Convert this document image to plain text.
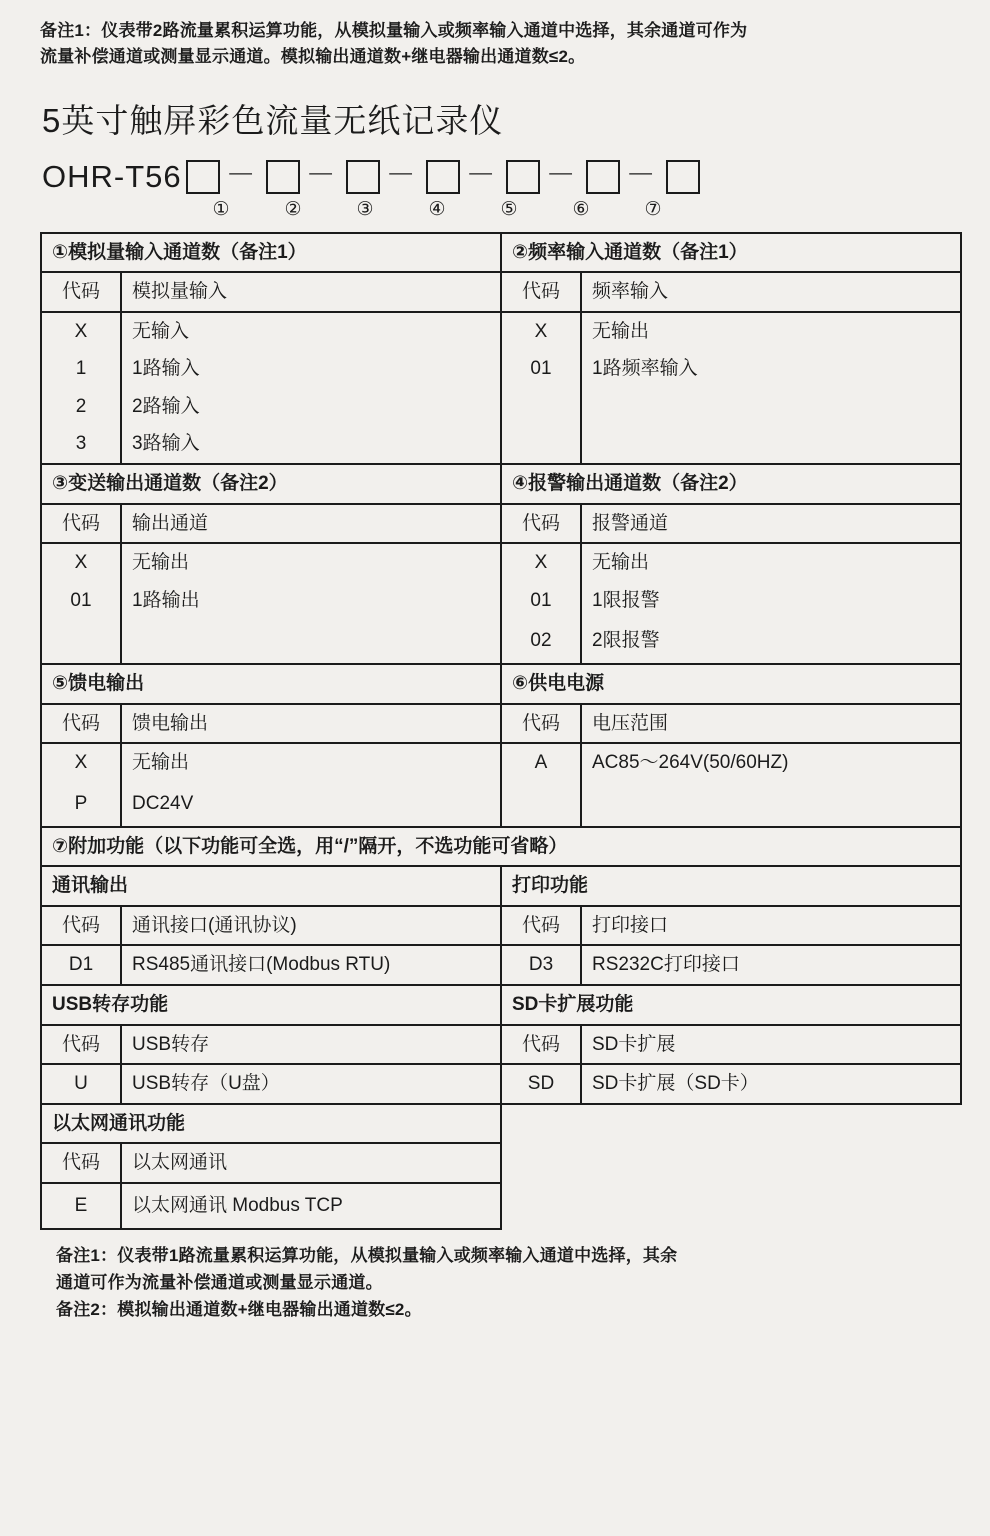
备注1：仪表带2路流量累积运算功能，从模拟量输入或频率输入通道中选择，其余通道可作为
流量补偿通道或测量显示通道。模拟输出通道数+继电器输出通道数≤2。
5英寸触屏彩色流量无纸记录仪
OHR-T56 － － － － － －
①	②	③	④	⑤	⑥	⑦
①模拟量输入通道数（备注1）		②频率输入通道数（备注1）	
代码	模拟量输入	代码	频率输入
X	无输入	X	无输出
1	1路输入	01	1路频率输入
2	2路输入		
3	3路输入		
③变送输出通道数（备注2）		④报警输出通道数（备注2）	
代码	输出通道	代码	报警通道
X	无输出	X	无输出
01	1路输出	01	1限报警
		02	2限报警
⑤馈电输出		⑥供电电源	
代码	馈电输出	代码	电压范围
X	无输出	A	AC85～264V(50/60HZ)
P	DC24V		
⑦附加功能（以下功能可全选，用“/”隔开，不选功能可省略）			
通讯输出		打印功能	
代码	通讯接口(通讯协议)	代码	打印接口
D1	RS485通讯接口(Modbus RTU)	D3	RS232C打印接口
USB转存功能		SD卡扩展功能	
代码	USB转存	代码	SD卡扩展
U	USB转存（U盘）	SD	SD卡扩展（SD卡）
以太网通讯功能			
代码	以太网通讯		
E	以太网通讯 Modbus TCP		
备注1：仪表带1路流量累积运算功能，从模拟量输入或频率输入通道中选择，其余
通道可作为流量补偿通道或测量显示通道。
备注2：模拟输出通道数+继电器输出通道数≤2。
